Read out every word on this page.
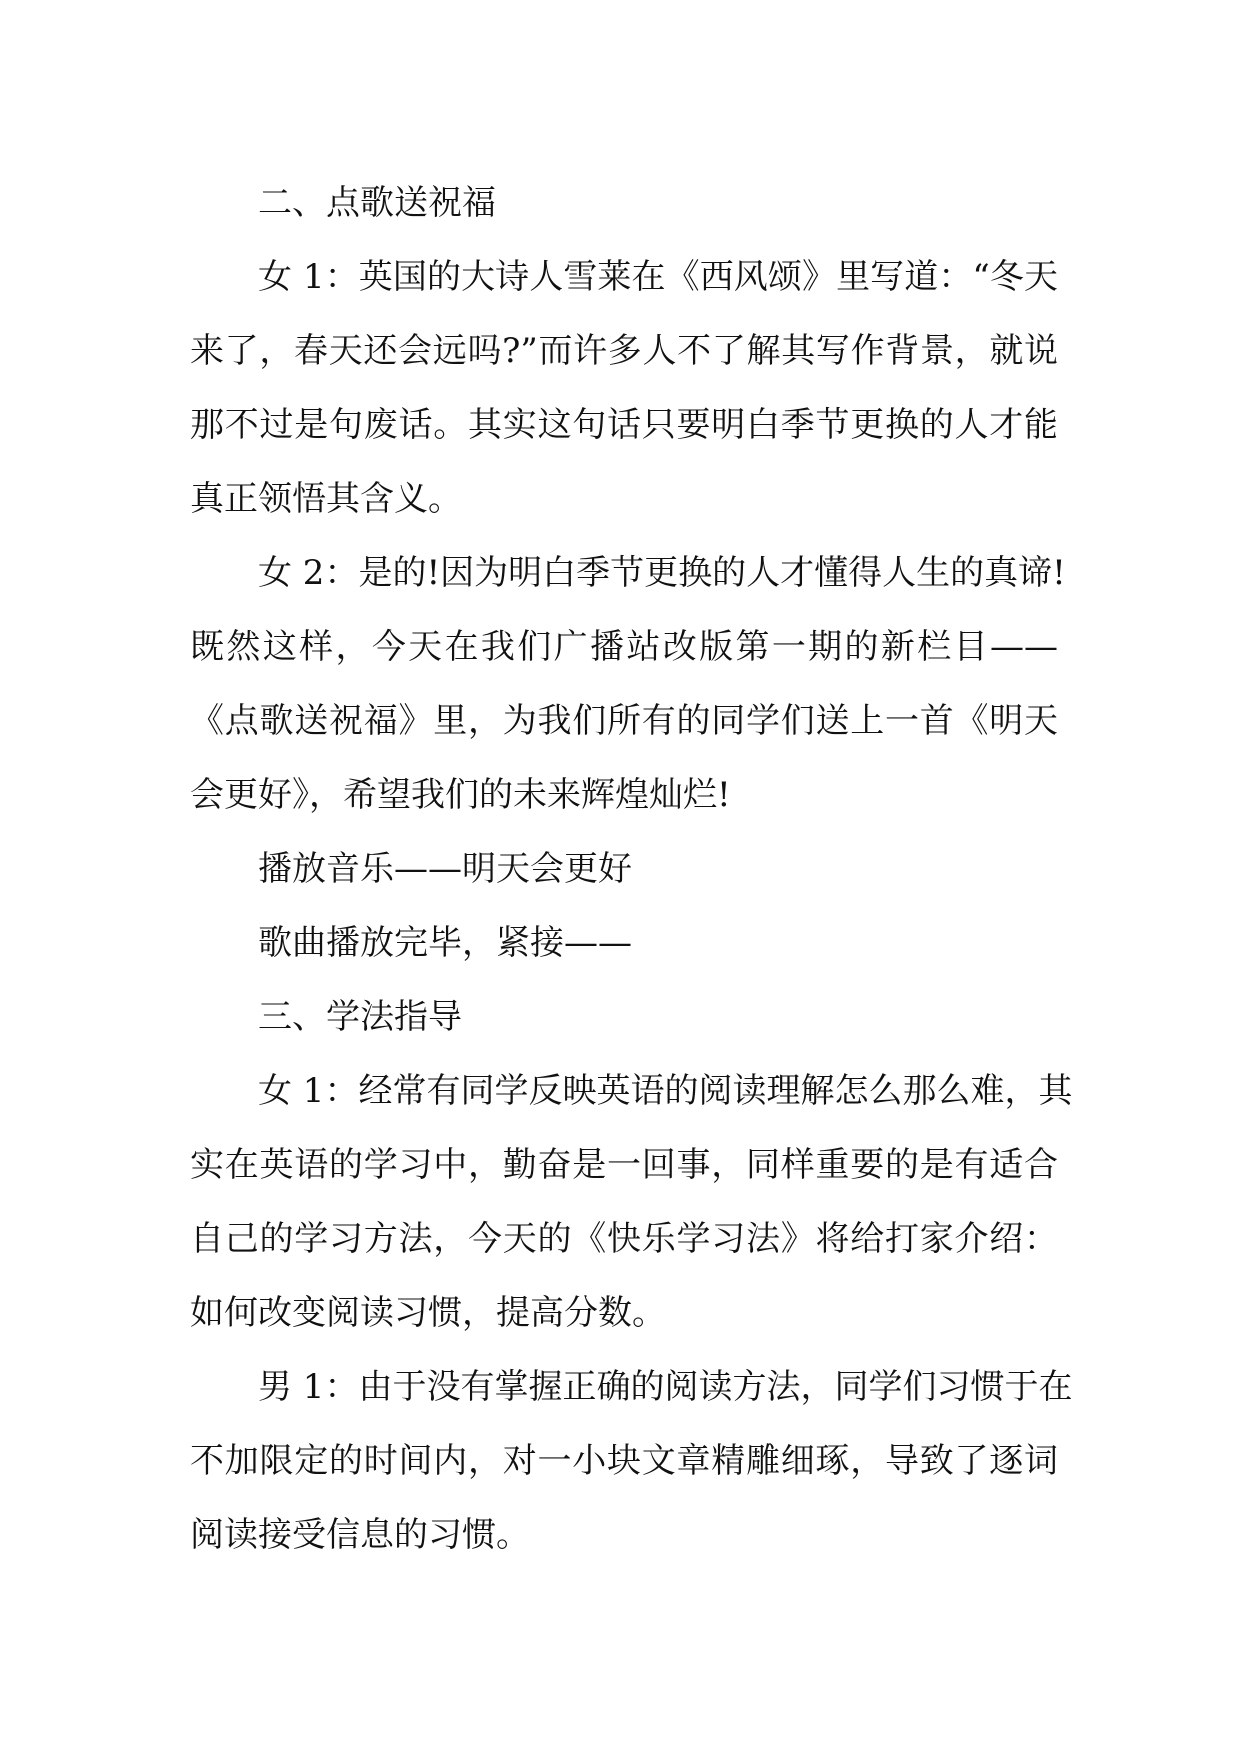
二、点歌送祝福
女 1：英国的大诗人雪莱在《西风颂》里写道：“冬天
来了，春天还会远吗?”而许多人不了解其写作背景，就说
那不过是句废话。其实这句话只要明白季节更换的人才能
真正领悟其含义。
女 2：是的!因为明白季节更换的人才懂得人生的真谛!
既然这样，今天在我们广播站改版第一期的新栏目——
《点歌送祝福》里，为我们所有的同学们送上一首《明天
会更好》，希望我们的未来辉煌灿烂!
播放音乐——明天会更好
歌曲播放完毕，紧接——
三、学法指导
女 1：经常有同学反映英语的阅读理解怎么那么难，其
实在英语的学习中，勤奋是一回事，同样重要的是有适合
自己的学习方法，今天的《快乐学习法》将给打家介绍：
如何改变阅读习惯，提高分数。
男 1：由于没有掌握正确的阅读方法，同学们习惯于在
不加限定的时间内，对一小块文章精雕细琢，导致了逐词
阅读接受信息的习惯。
